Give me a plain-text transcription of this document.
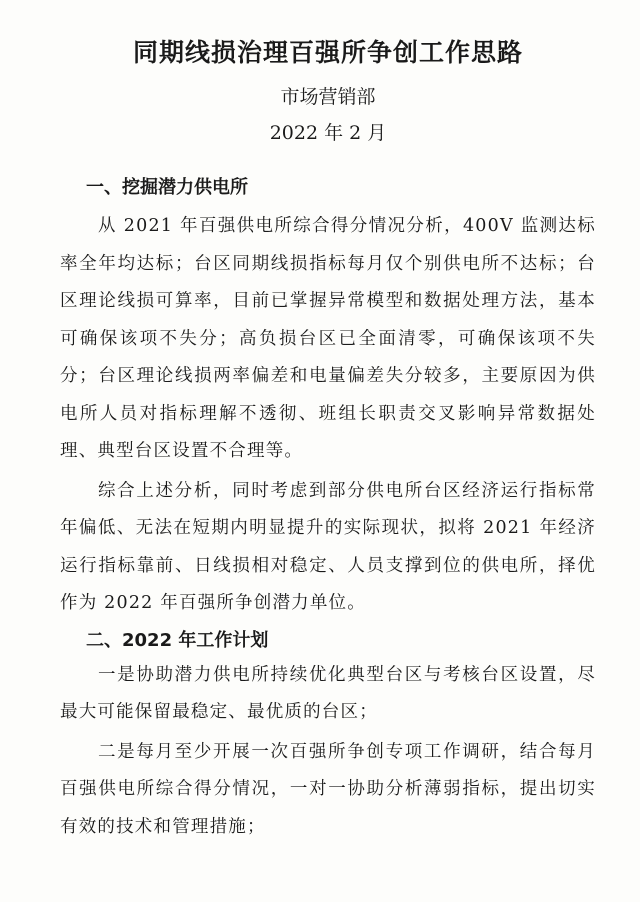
同期线损治理百强所争创工作思路
市场营销部
2022 年 2 月
一、挖掘潜力供电所

从 2021 年百强供电所综合得分情况分析，400V 监测达标率全年均达标；台区同期线损指标每月仅个别供电所不达标；台区理论线损可算率，目前已掌握异常模型和数据处理方法，基本可确保该项不失分；高负损台区已全面清零，可确保该项不失分；台区理论线损两率偏差和电量偏差失分较多，主要原因为供电所人员对指标理解不透彻、班组长职责交叉影响异常数据处理、典型台区设置不合理等。

综合上述分析，同时考虑到部分供电所台区经济运行指标常年偏低、无法在短期内明显提升的实际现状，拟将 2021 年经济运行指标靠前、日线损相对稳定、人员支撑到位的供电所，择优作为 2022 年百强所争创潜力单位。

二、2022 年工作计划

一是协助潜力供电所持续优化典型台区与考核台区设置，尽最大可能保留最稳定、最优质的台区；

二是每月至少开展一次百强所争创专项工作调研，结合每月百强供电所综合得分情况，一对一协助分析薄弱指标，提出切实有效的技术和管理措施；
